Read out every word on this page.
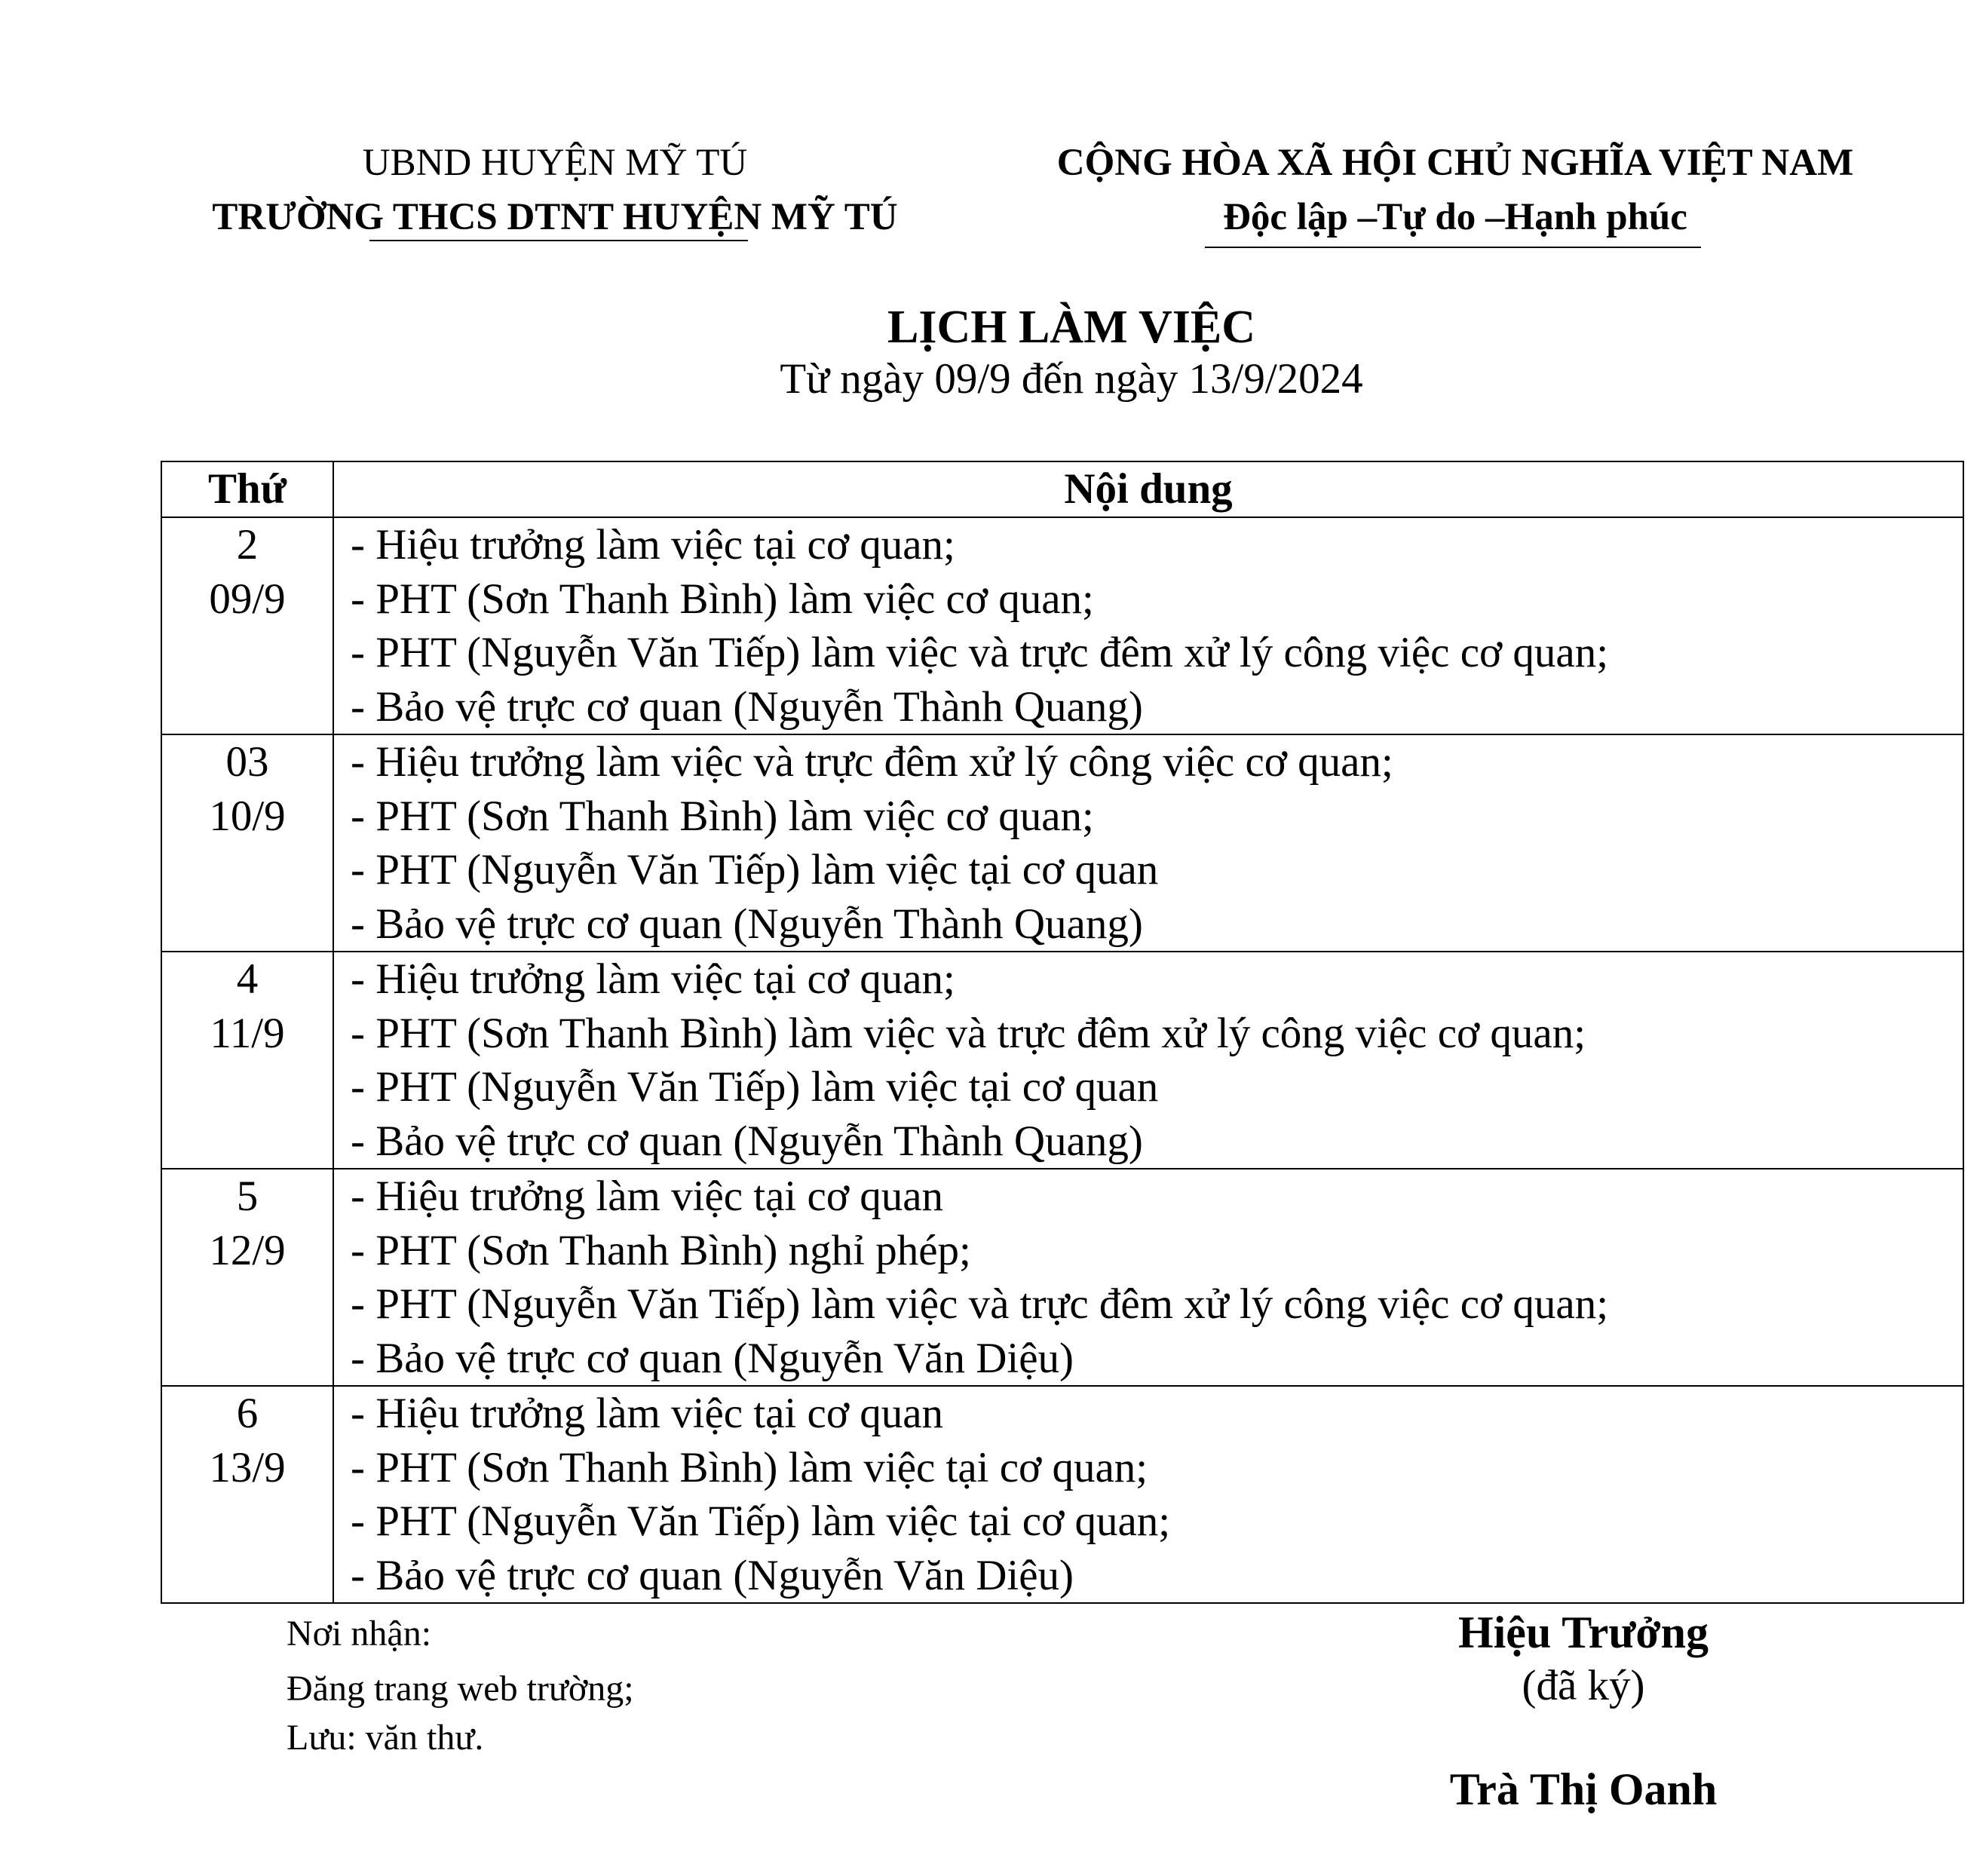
UBND HUYỆN MỸ TÚ
TRƯỜNG THCS DTNT HUYỆN MỸ TÚ
CỘNG HÒA XÃ HỘI CHỦ NGHĨA VIỆT NAM
Độc lập –Tự do –Hạnh phúc
LỊCH LÀM VIỆC
Từ ngày 09/9 đến ngày 13/9/2024
Thứ	Nội dung

2
09/9	- Hiệu trưởng làm việc tại cơ quan;
- PHT (Sơn Thanh Bình) làm việc cơ quan;
- PHT (Nguyễn Văn Tiếp) làm việc và trực đêm xử lý công việc cơ quan;
- Bảo vệ trực cơ quan (Nguyễn Thành Quang)

03
10/9	- Hiệu trưởng làm việc và trực đêm xử lý công việc cơ quan;
- PHT (Sơn Thanh Bình) làm việc cơ quan;
- PHT (Nguyễn Văn Tiếp) làm việc tại cơ quan
- Bảo vệ trực cơ quan (Nguyễn Thành Quang)

4
11/9	- Hiệu trưởng làm việc tại cơ quan;
- PHT (Sơn Thanh Bình) làm việc và trực đêm xử lý công việc cơ quan;
- PHT (Nguyễn Văn Tiếp) làm việc tại cơ quan
- Bảo vệ trực cơ quan (Nguyễn Thành Quang)

5
12/9	- Hiệu trưởng làm việc tại cơ quan
- PHT (Sơn Thanh Bình) nghỉ phép;
- PHT (Nguyễn Văn Tiếp) làm việc và trực đêm xử lý công việc cơ quan;
- Bảo vệ trực cơ quan (Nguyễn Văn Diệu)

6
13/9	- Hiệu trưởng làm việc tại cơ quan
- PHT (Sơn Thanh Bình) làm việc tại cơ quan;
- PHT (Nguyễn Văn Tiếp) làm việc tại cơ quan;
- Bảo vệ trực cơ quan (Nguyễn Văn Diệu)
Nơi nhận:
Đăng trang web trường;
Lưu: văn thư.
Hiệu Trưởng
(đã ký)
Trà Thị Oanh
